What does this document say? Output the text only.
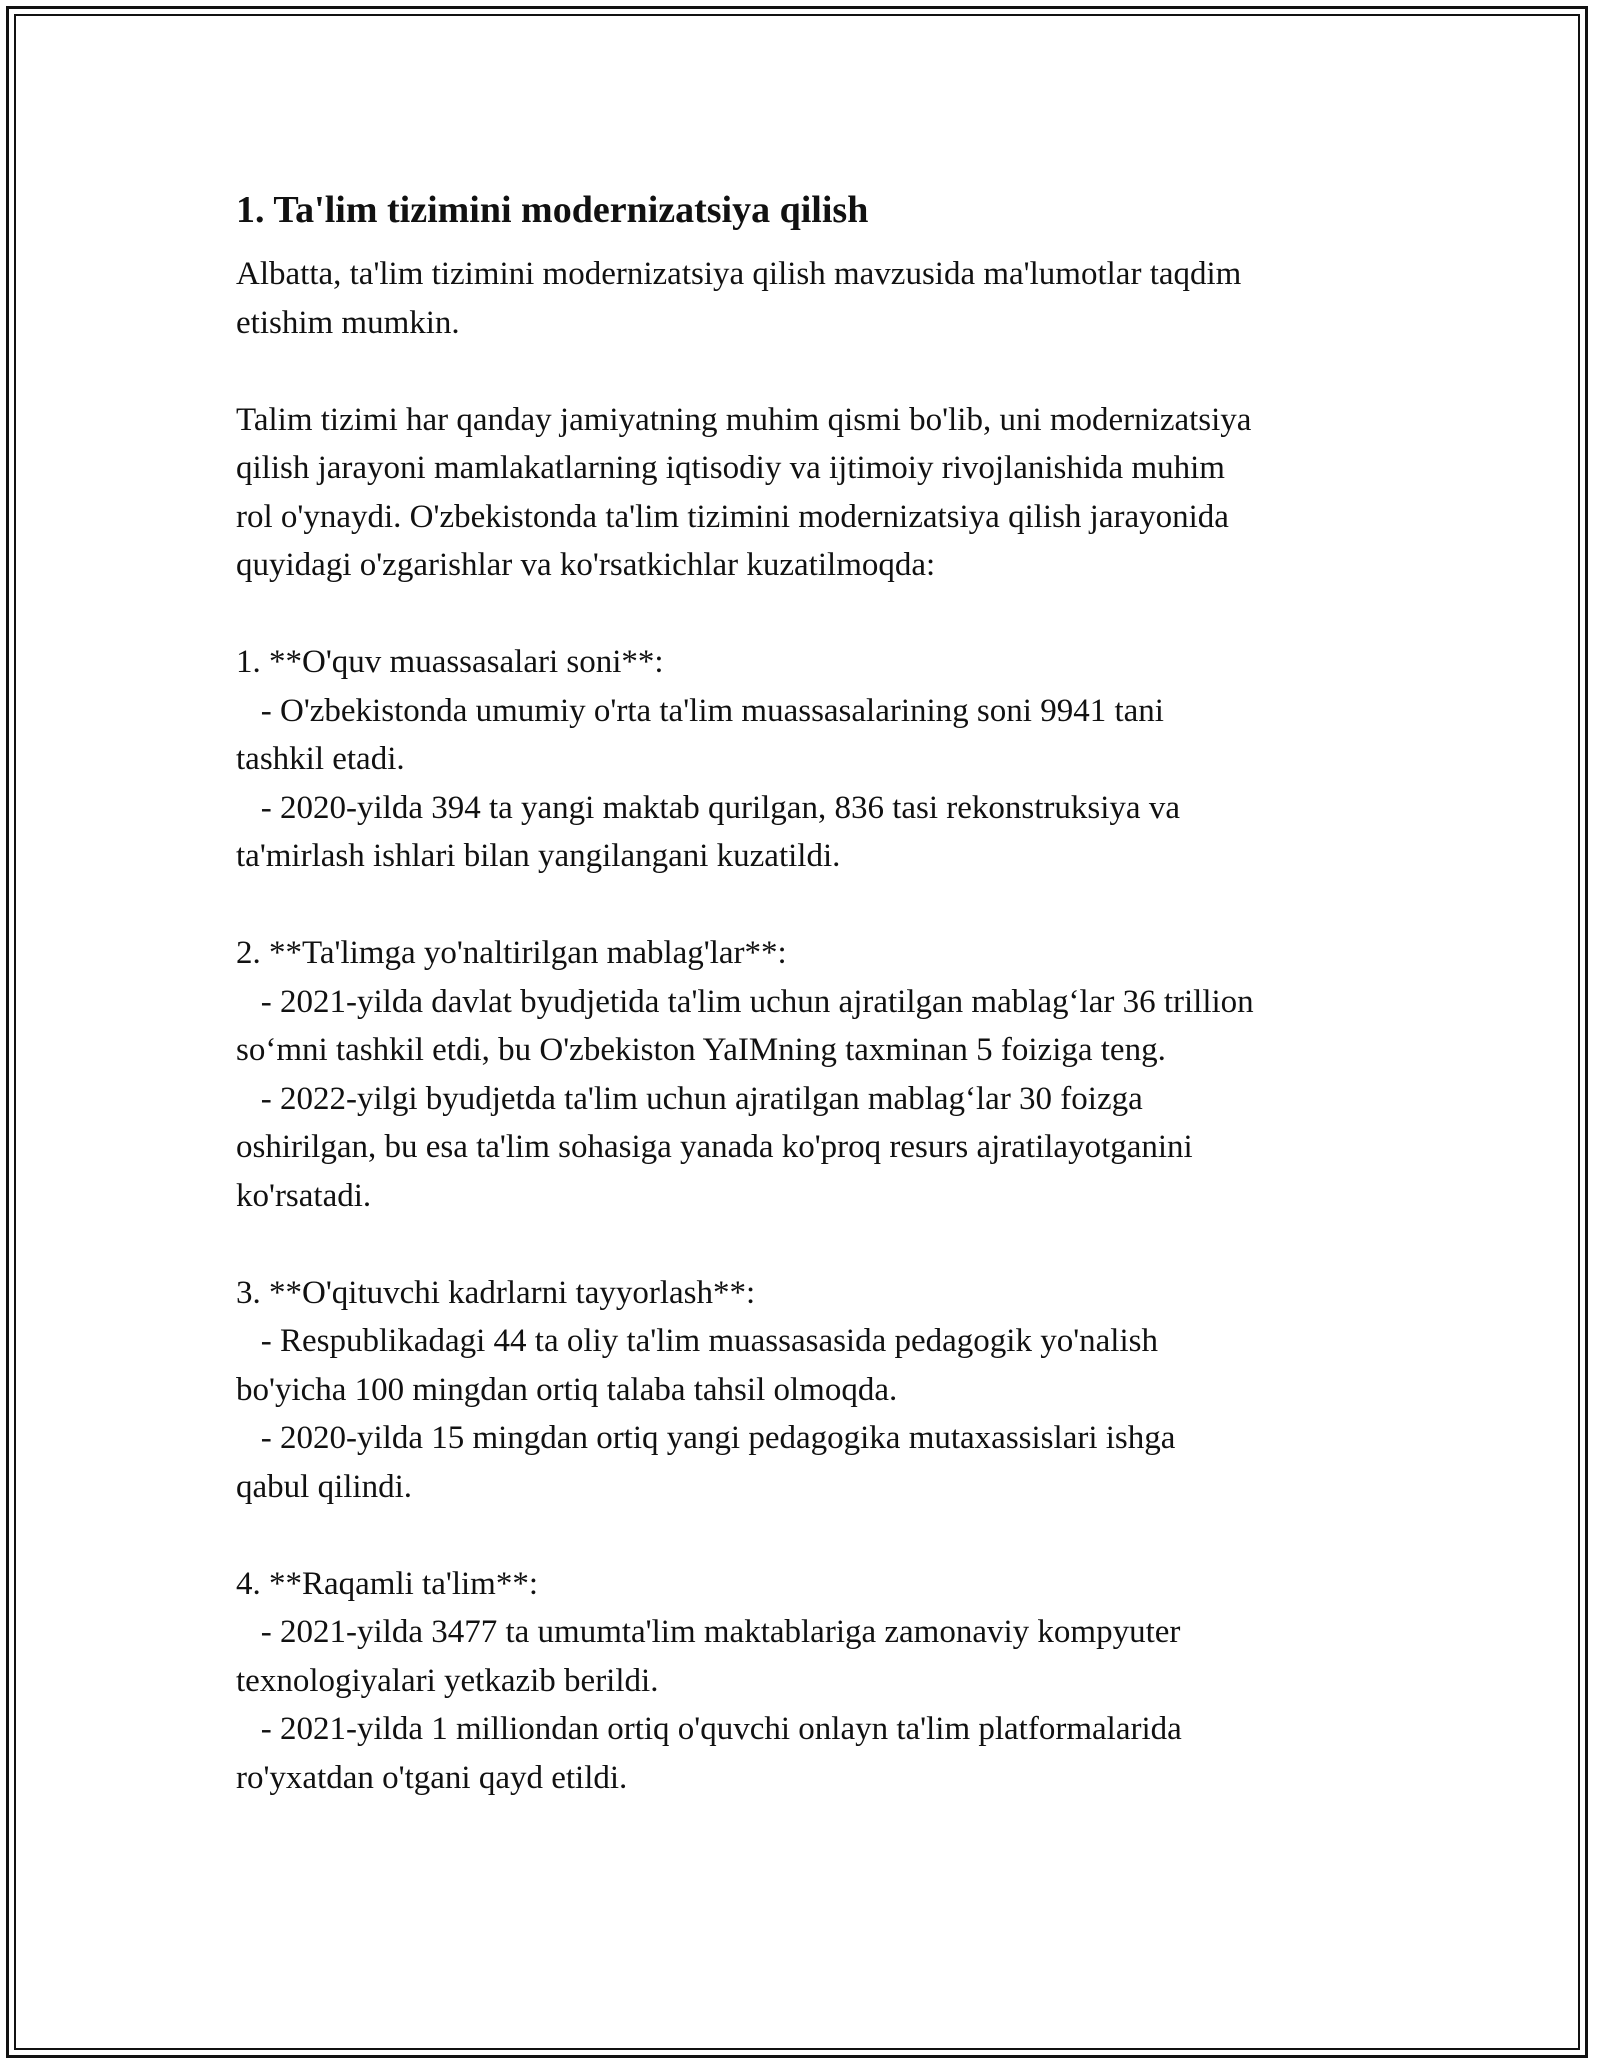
1. Ta'lim tizimini modernizatsiya qilish

Albatta, ta'lim tizimini modernizatsiya qilish mavzusida ma'lumotlar taqdim
etishim mumkin.

Talim tizimi har qanday jamiyatning muhim qismi bo'lib, uni modernizatsiya
qilish jarayoni mamlakatlarning iqtisodiy va ijtimoiy rivojlanishida muhim
rol o'ynaydi. O'zbekistonda ta'lim tizimini modernizatsiya qilish jarayonida
quyidagi o'zgarishlar va ko'rsatkichlar kuzatilmoqda:

1. **O'quv muassasalari soni**:

- O'zbekistonda umumiy o'rta ta'lim muassasalarining soni 9941 tani
tashkil etadi.

- 2020-yilda 394 ta yangi maktab qurilgan, 836 tasi rekonstruksiya va
ta'mirlash ishlari bilan yangilangani kuzatildi.

2. **Ta'limga yo'naltirilgan mablag'lar**:

- 2021-yilda davlat byudjetida ta'lim uchun ajratilgan mablag‘lar 36 trillion
so‘mni tashkil etdi, bu O'zbekiston YaIMning taxminan 5 foiziga teng.

- 2022-yilgi byudjetda ta'lim uchun ajratilgan mablag‘lar 30 foizga
oshirilgan, bu esa ta'lim sohasiga yanada ko'proq resurs ajratilayotganini
ko'rsatadi.

3. **O'qituvchi kadrlarni tayyorlash**:

- Respublikadagi 44 ta oliy ta'lim muassasasida pedagogik yo'nalish
bo'yicha 100 mingdan ortiq talaba tahsil olmoqda.

- 2020-yilda 15 mingdan ortiq yangi pedagogika mutaxassislari ishga
qabul qilindi.

4. **Raqamli ta'lim**:

- 2021-yilda 3477 ta umumta'lim maktablariga zamonaviy kompyuter
texnologiyalari yetkazib berildi.

- 2021-yilda 1 milliondan ortiq o'quvchi onlayn ta'lim platformalarida
ro'yxatdan o'tgani qayd etildi.
